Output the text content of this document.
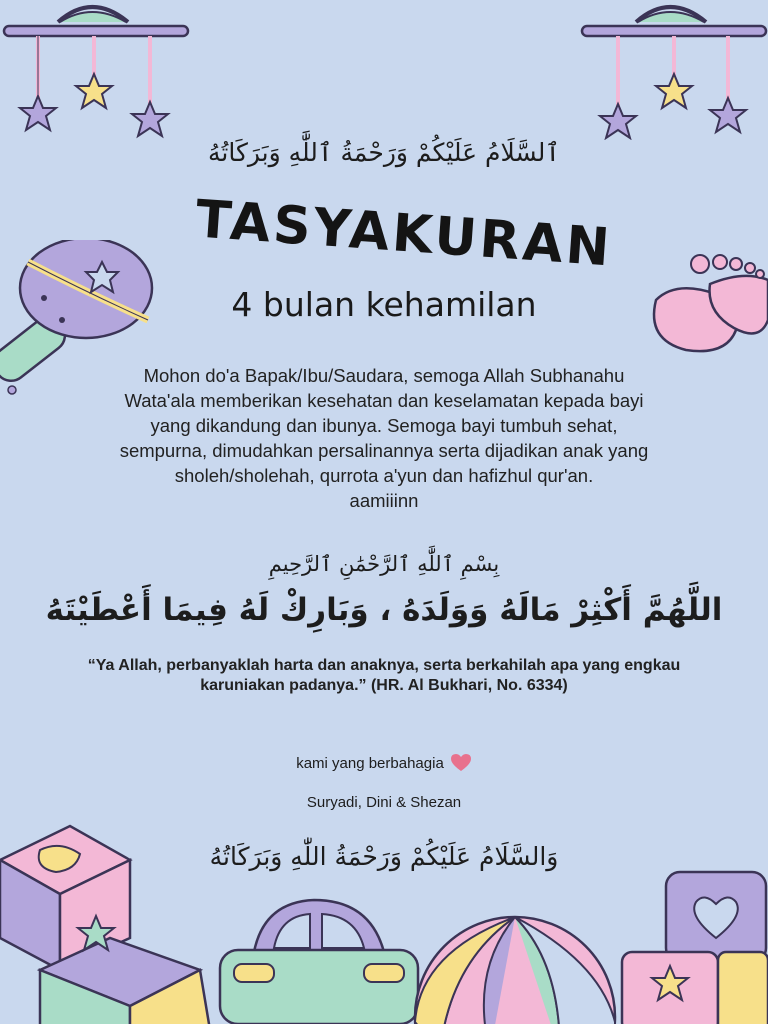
ٱلسَّلَامُ عَلَيْكُمْ وَرَحْمَةُ ٱللَّٰهِ وَبَرَكَاتُهُ
TASYAKURAN
4 bulan kehamilan
Mohon do'a Bapak/Ibu/Saudara, semoga Allah Subhanahu
Wata'ala memberikan kesehatan dan keselamatan kepada bayi
yang dikandung dan ibunya. Semoga bayi tumbuh sehat,
sempurna, dimudahkan persalinannya serta dijadikan anak yang
sholeh/sholehah, qurrota a'yun dan hafizhul qur'an.
aamiiinn
بِسْمِ ٱللَّٰهِ ٱلرَّحْمَٰنِ ٱلرَّحِيمِ
اللَّهُمَّ أَكْثِرْ مَالَهُ وَوَلَدَهُ ، وَبَارِكْ لَهُ فِيمَا أَعْطَيْتَهُ
“Ya Allah, perbanyaklah harta dan anaknya, serta berkahilah apa yang engkau
karuniakan padanya.” (HR. Al Bukhari, No. 6334)
kami yang berbahagia
Suryadi, Dini & Shezan
وَالسَّلَامُ عَلَيْكُمْ وَرَحْمَةُ اللّٰهِ وَبَرَكَاتُهُ
